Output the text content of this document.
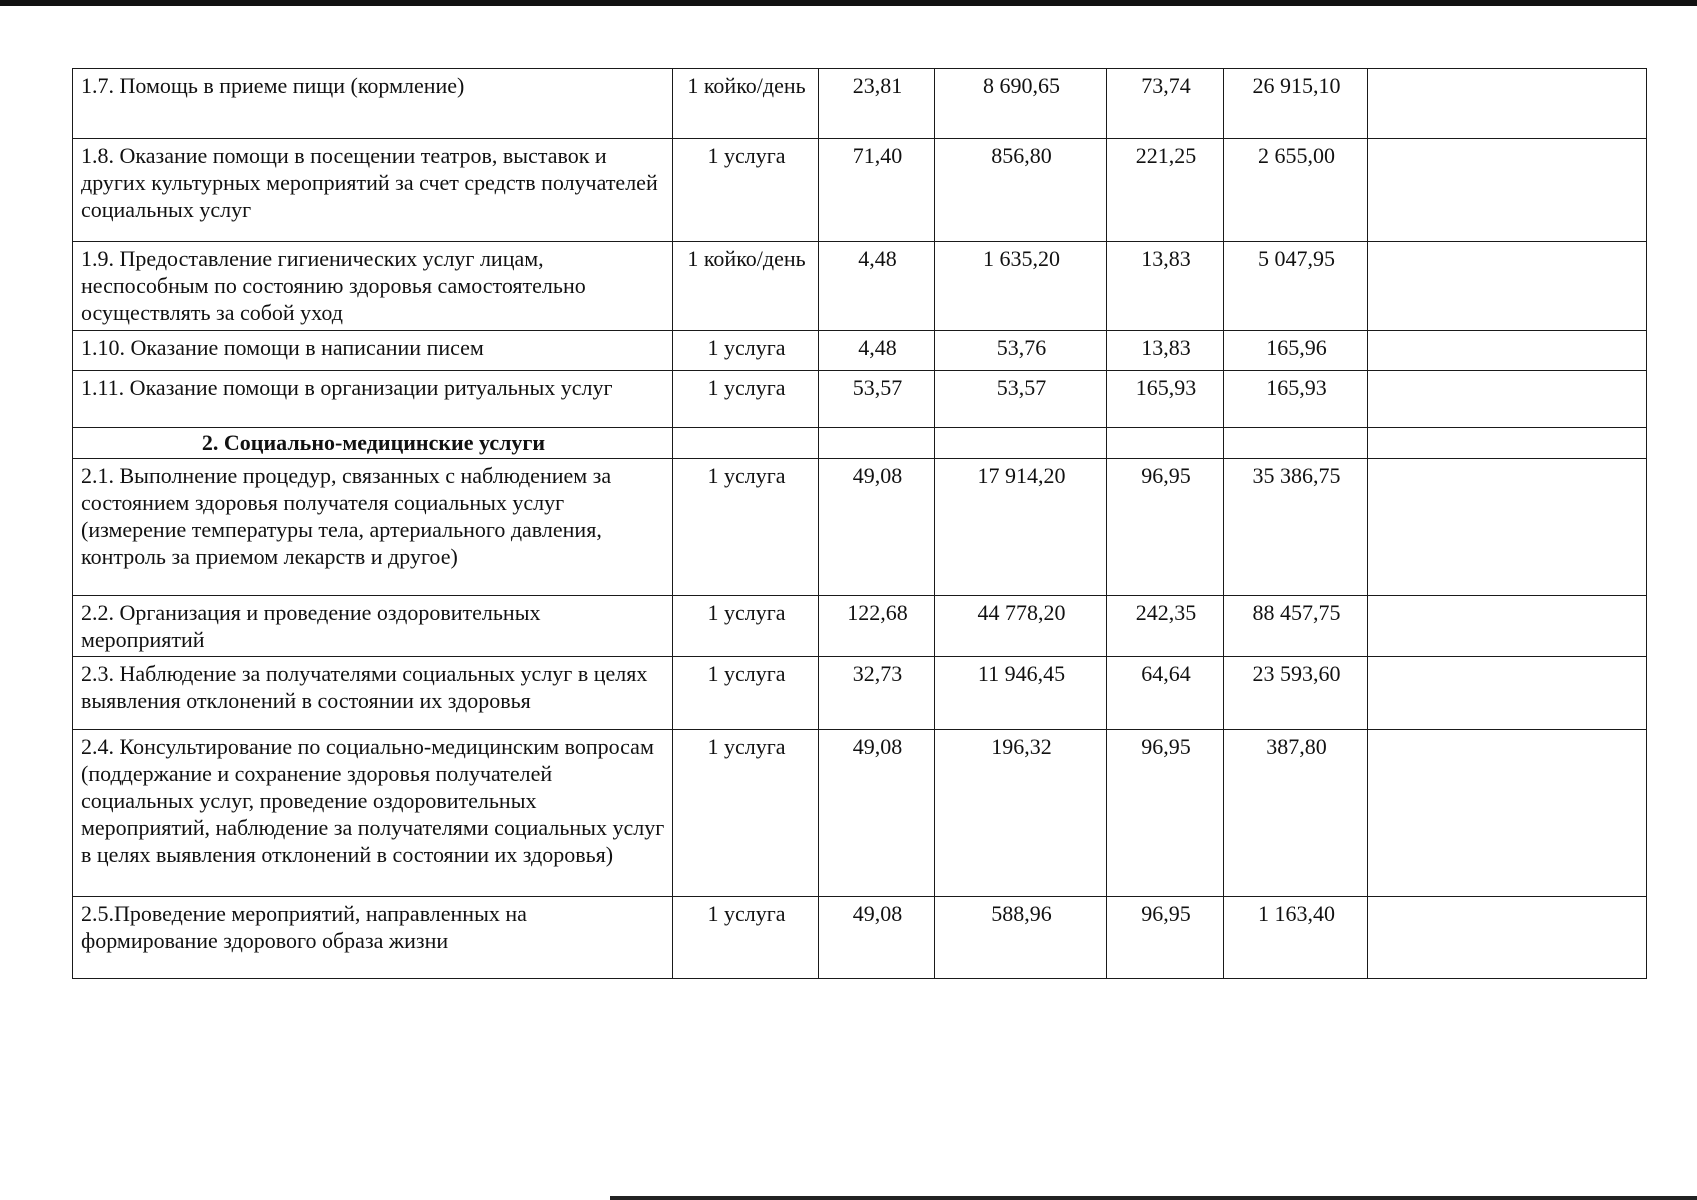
1.7. Помощь в приеме пищи (кормление)	1 койко/день	23,81	8 690,65	73,74	26 915,10	
1.8. Оказание помощи в посещении театров, выставок и других культурных мероприятий за счет средств получателей социальных услуг	1 услуга	71,40	856,80	221,25	2 655,00	
1.9. Предоставление гигиенических услуг лицам, неспособным по состоянию здоровья самостоятельно осуществлять за собой уход	1 койко/день	4,48	1 635,20	13,83	5 047,95	
1.10. Оказание помощи в написании писем	1 услуга	4,48	53,76	13,83	165,96	
1.11. Оказание помощи в организации ритуальных услуг	1 услуга	53,57	53,57	165,93	165,93	
2. Социально-медицинские услуги						
2.1. Выполнение процедур, связанных с наблюдением за состоянием здоровья получателя социальных услуг (измерение температуры тела, артериального давления, контроль за приемом лекарств и другое)	1 услуга	49,08	17 914,20	96,95	35 386,75	
2.2. Организация и проведение оздоровительных мероприятий	1 услуга	122,68	44 778,20	242,35	88 457,75	
2.3. Наблюдение за получателями социальных услуг в целях выявления отклонений в состоянии их здоровья	1 услуга	32,73	11 946,45	64,64	23 593,60	
2.4. Консультирование по социально-медицинским вопросам (поддержание и сохранение здоровья получателей социальных услуг, проведение оздоровительных мероприятий, наблюдение за получателями социальных услуг в целях выявления отклонений в состоянии их здоровья)	1 услуга	49,08	196,32	96,95	387,80	
2.5.Проведение мероприятий, направленных на формирование здорового образа жизни	1 услуга	49,08	588,96	96,95	1 163,40	
